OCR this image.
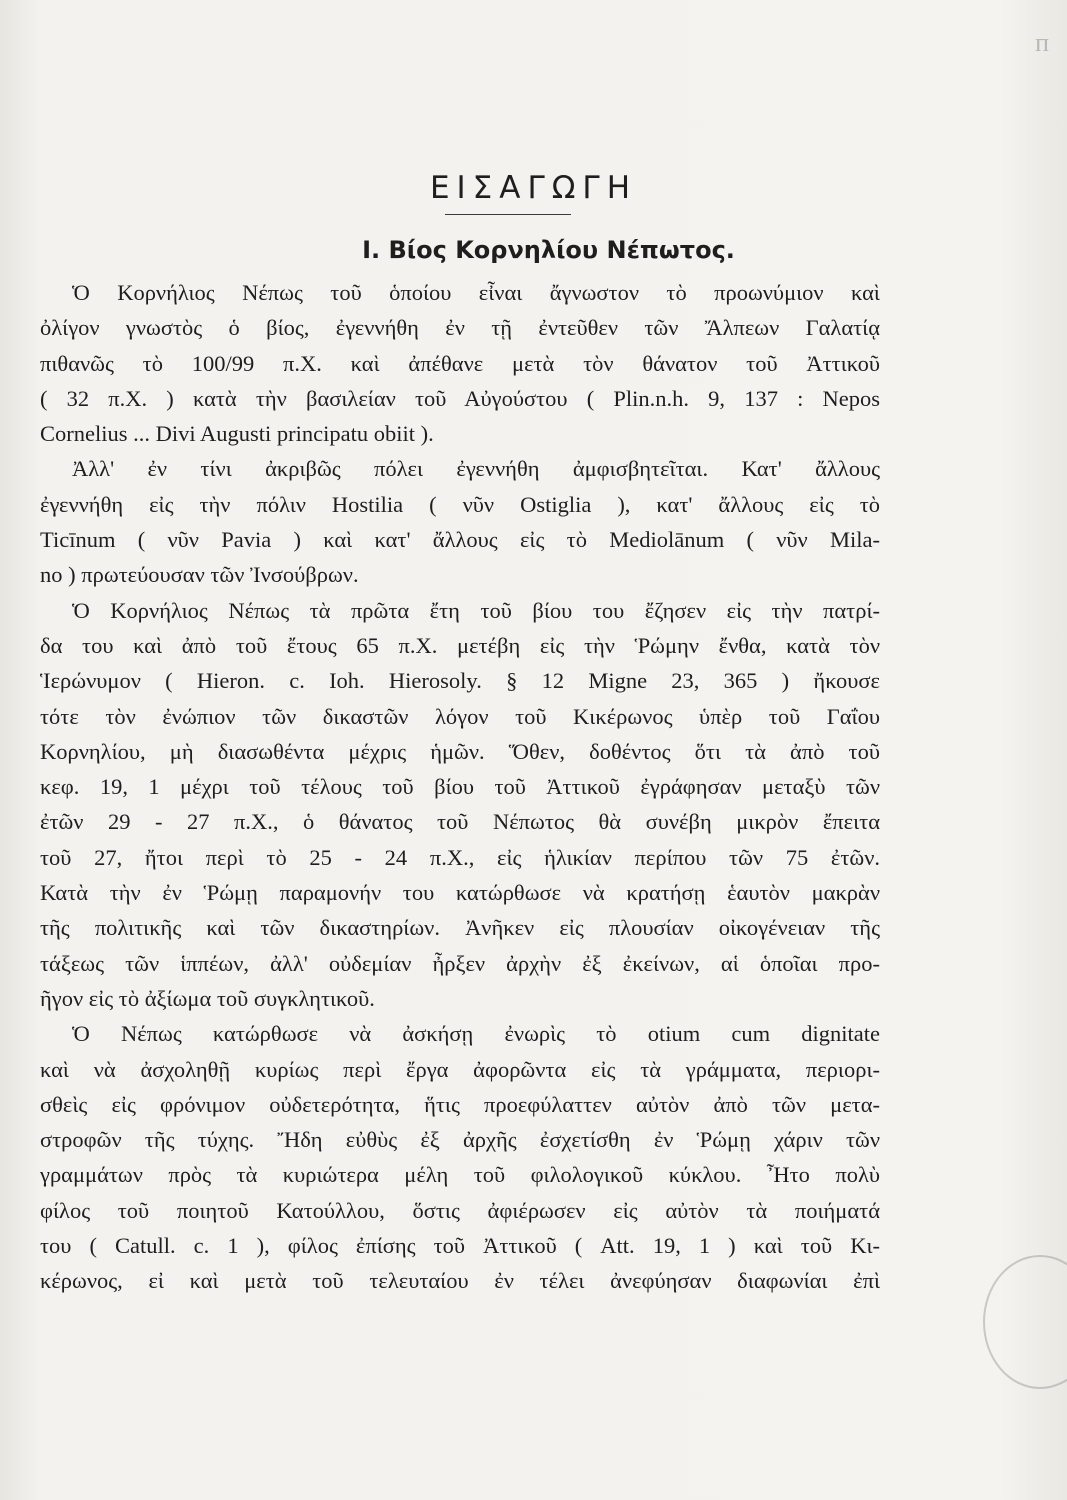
п
ΕΙΣΑΓΩΓΗ
Ι. Βίος Κορνηλίου Νέπωτος.
Ὁ Κορνήλιος Νέπως τοῦ ὁποίου εἶναι ἄγνωστον τὸ προωνύμιον καὶ
ὀλίγον γνωστὸς ὁ βίος, ἐγεννήθη ἐν τῇ ἐντεῦθεν τῶν Ἄλπεων Γαλατίᾳ
πιθανῶς τὸ 100/99 π.Χ. καὶ ἀπέθανε μετὰ τὸν θάνατον τοῦ Ἀττικοῦ
( 32 π.Χ. ) κατὰ τὴν βασιλείαν τοῦ Αὐγούστου ( Plin.n.h. 9, 137 : Nepos
Cornelius ... Divi Augusti principatu obiit ).
Ἀλλ' ἐν τίνι ἀκριβῶς πόλει ἐγεννήθη ἀμφισβητεῖται. Κατ' ἄλλους
ἐγεννήθη εἰς τὴν πόλιν Hostilia ( νῦν Ostiglia ), κατ' ἄλλους εἰς τὸ
Ticīnum ( νῦν Pavia ) καὶ κατ' ἄλλους εἰς τὸ Mediolānum ( νῦν Mila-
no ) πρωτεύουσαν τῶν Ἰνσούβρων.
Ὁ Κορνήλιος Νέπως τὰ πρῶτα ἔτη τοῦ βίου του ἔζησεν εἰς τὴν πατρί-
δα του καὶ ἀπὸ τοῦ ἔτους 65 π.Χ. μετέβη εἰς τὴν Ῥώμην ἔνθα, κατὰ τὸν
Ἱερώνυμον ( Hieron. c. Ioh. Hierosoly. § 12 Migne 23, 365 ) ἤκουσε
τότε τὸν ἐνώπιον τῶν δικαστῶν λόγον τοῦ Κικέρωνος ὑπὲρ τοῦ Γαΐου
Κορνηλίου, μὴ διασωθέντα μέχρις ἡμῶν. Ὅθεν, δοθέντος ὅτι τὰ ἀπὸ τοῦ
κεφ. 19, 1 μέχρι τοῦ τέλους τοῦ βίου τοῦ Ἀττικοῦ ἐγράφησαν μεταξὺ τῶν
ἐτῶν 29 - 27 π.Χ., ὁ θάνατος τοῦ Νέπωτος θὰ συνέβη μικρὸν ἔπειτα
τοῦ 27, ἤτοι περὶ τὸ 25 - 24 π.Χ., εἰς ἡλικίαν περίπου τῶν 75 ἐτῶν.
Κατὰ τὴν ἐν Ῥώμῃ παραμονήν του κατώρθωσε νὰ κρατήσῃ ἑαυτὸν μακρὰν
τῆς πολιτικῆς καὶ τῶν δικαστηρίων. Ἀνῆκεν εἰς πλουσίαν οἰκογένειαν τῆς
τάξεως τῶν ἱππέων, ἀλλ' οὐδεμίαν ἦρξεν ἀρχὴν ἐξ ἐκείνων, αἱ ὁποῖαι προ-
ῆγον εἰς τὸ ἀξίωμα τοῦ συγκλητικοῦ.
Ὁ Νέπως κατώρθωσε νὰ ἀσκήσῃ ἐνωρὶς τὸ otium cum dignitate
καὶ νὰ ἀσχοληθῇ κυρίως περὶ ἔργα ἀφορῶντα εἰς τὰ γράμματα, περιορι-
σθεὶς εἰς φρόνιμον οὐδετερότητα, ἥτις προεφύλαττεν αὐτὸν ἀπὸ τῶν μετα-
στροφῶν τῆς τύχης. Ἤδη εὐθὺς ἐξ ἀρχῆς ἐσχετίσθη ἐν Ῥώμῃ χάριν τῶν
γραμμάτων πρὸς τὰ κυριώτερα μέλη τοῦ φιλολογικοῦ κύκλου. Ἦτο πολὺ
φίλος τοῦ ποιητοῦ Κατούλλου, ὅστις ἀφιέρωσεν εἰς αὐτὸν τὰ ποιήματά
του ( Catull. c. 1 ), φίλος ἐπίσης τοῦ Ἀττικοῦ ( Att. 19, 1 ) καὶ τοῦ Κι-
κέρωνος, εἰ καὶ μετὰ τοῦ τελευταίου ἐν τέλει ἀνεφύησαν διαφωνίαι ἐπὶ
